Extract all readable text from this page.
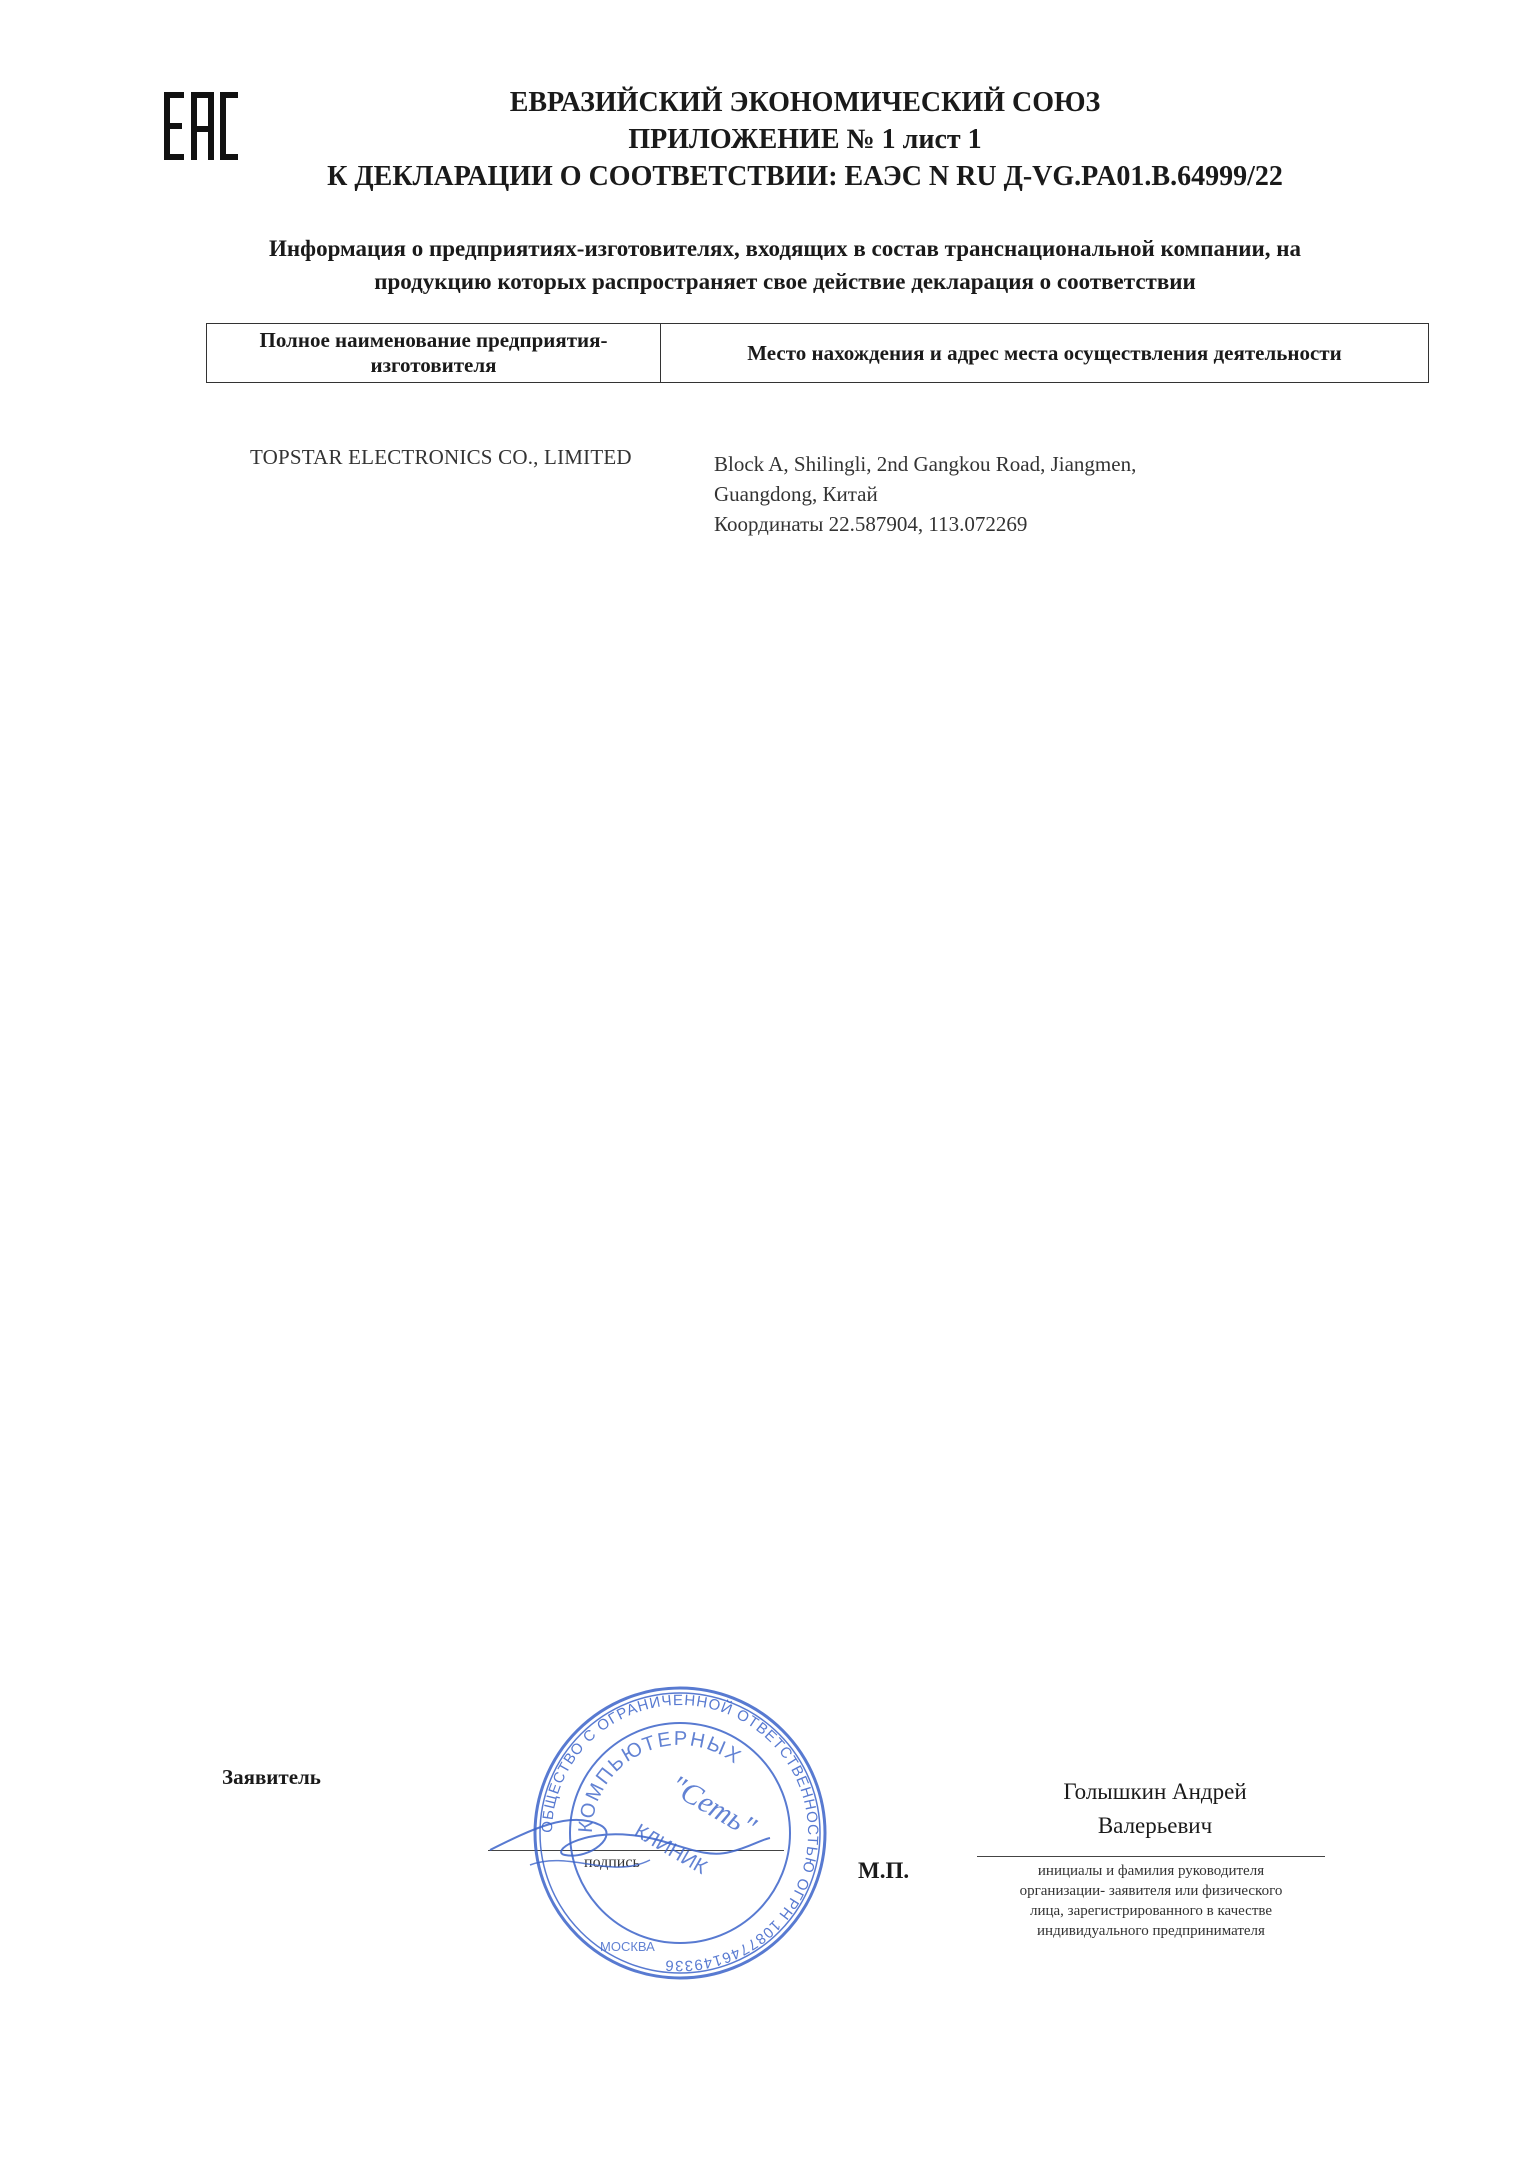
ЕВРАЗИЙСКИЙ ЭКОНОМИЧЕСКИЙ СОЮЗ
ПРИЛОЖЕНИЕ № 1 лист 1
К ДЕКЛАРАЦИИ О СООТВЕТСТВИИ: ЕАЭС N RU Д-VG.PA01.В.64999/22
Информация о предприятиях-изготовителях, входящих в состав транснациональной компании, на
продукцию которых распространяет свое действие декларация о соответствии
Полное наименование предприятия-
изготовителя
Место нахождения и адрес места осуществления деятельности
TOPSTAR ELECTRONICS CO., LIMITED	Block A, Shilingli, 2nd Gangkou Road, Jiangmen,
Guangdong, Китай
Координаты 22.587904, 113.072269
Заявитель
подпись	М.П.
Голышкин Андрей
Валерьевич
инициалы и фамилия руководителя
организации- заявителя или физического
лица, зарегистрированного в качестве
индивидуального предпринимателя
ОБЩЕСТВО С ОГРАНИЧЕННОЙ ОТВЕТСТВЕННОСТЬЮ ОГРН 1087746149336
МОСКВА
КОМПЬЮТЕРНЫХ
КЛИНИК
"Сеть"
